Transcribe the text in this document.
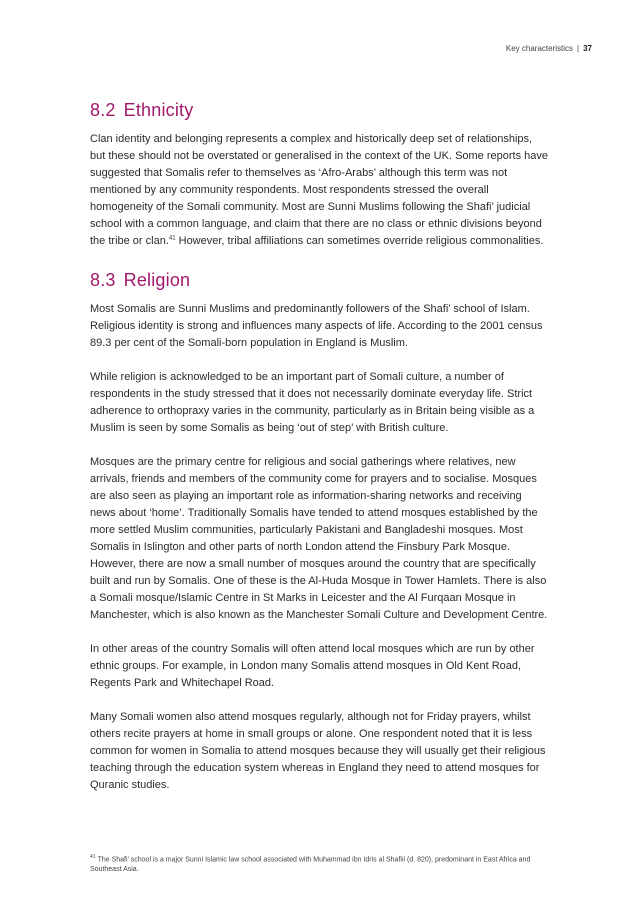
Key characteristics | 37
8.2 Ethnicity

Clan identity and belonging represents a complex and historically deep set of relationships, but these should not be overstated or generalised in the context of the UK. Some reports have suggested that Somalis refer to themselves as ‘Afro-Arabs’ although this term was not mentioned by any community respondents. Most respondents stressed the overall homogeneity of the Somali community. Most are Sunni Muslims following the Shafi’ judicial school with a common language, and claim that there are no class or ethnic divisions beyond the tribe or clan.$^{41}$ However, tribal affiliations can sometimes override religious commonalities.

8.3 Religion

Most Somalis are Sunni Muslims and predominantly followers of the Shafi’ school of Islam. Religious identity is strong and influences many aspects of life. According to the 2001 census 89.3 per cent of the Somali-born population in England is Muslim.

While religion is acknowledged to be an important part of Somali culture, a number of respondents in the study stressed that it does not necessarily dominate everyday life. Strict adherence to orthopraxy varies in the community, particularly as in Britain being visible as a Muslim is seen by some Somalis as being ‘out of step’ with British culture.

Mosques are the primary centre for religious and social gatherings where relatives, new arrivals, friends and members of the community come for prayers and to socialise. Mosques are also seen as playing an important role as information-sharing networks and receiving news about ‘home’. Traditionally Somalis have tended to attend mosques established by the more settled Muslim communities, particularly Pakistani and Bangladeshi mosques. Most Somalis in Islington and other parts of north London attend the Finsbury Park Mosque. However, there are now a small number of mosques around the country that are specifically built and run by Somalis. One of these is the Al-Huda Mosque in Tower Hamlets. There is also a Somali mosque/Islamic Centre in St Marks in Leicester and the Al Furqaan Mosque in Manchester, which is also known as the Manchester Somali Culture and Development Centre.

In other areas of the country Somalis will often attend local mosques which are run by other ethnic groups. For example, in London many Somalis attend mosques in Old Kent Road, Regents Park and Whitechapel Road.

Many Somali women also attend mosques regularly, although not for Friday prayers, whilst others recite prayers at home in small groups or alone. One respondent noted that it is less common for women in Somalia to attend mosques because they will usually get their religious teaching through the education system whereas in England they need to attend mosques for Quranic studies.

$^{41}$ The Shafi’ school is a major Sunni Islamic law school associated with Muhammad ibn Idris al Shafiii (d. 820), predominant in East Africa and Southeast Asia.
